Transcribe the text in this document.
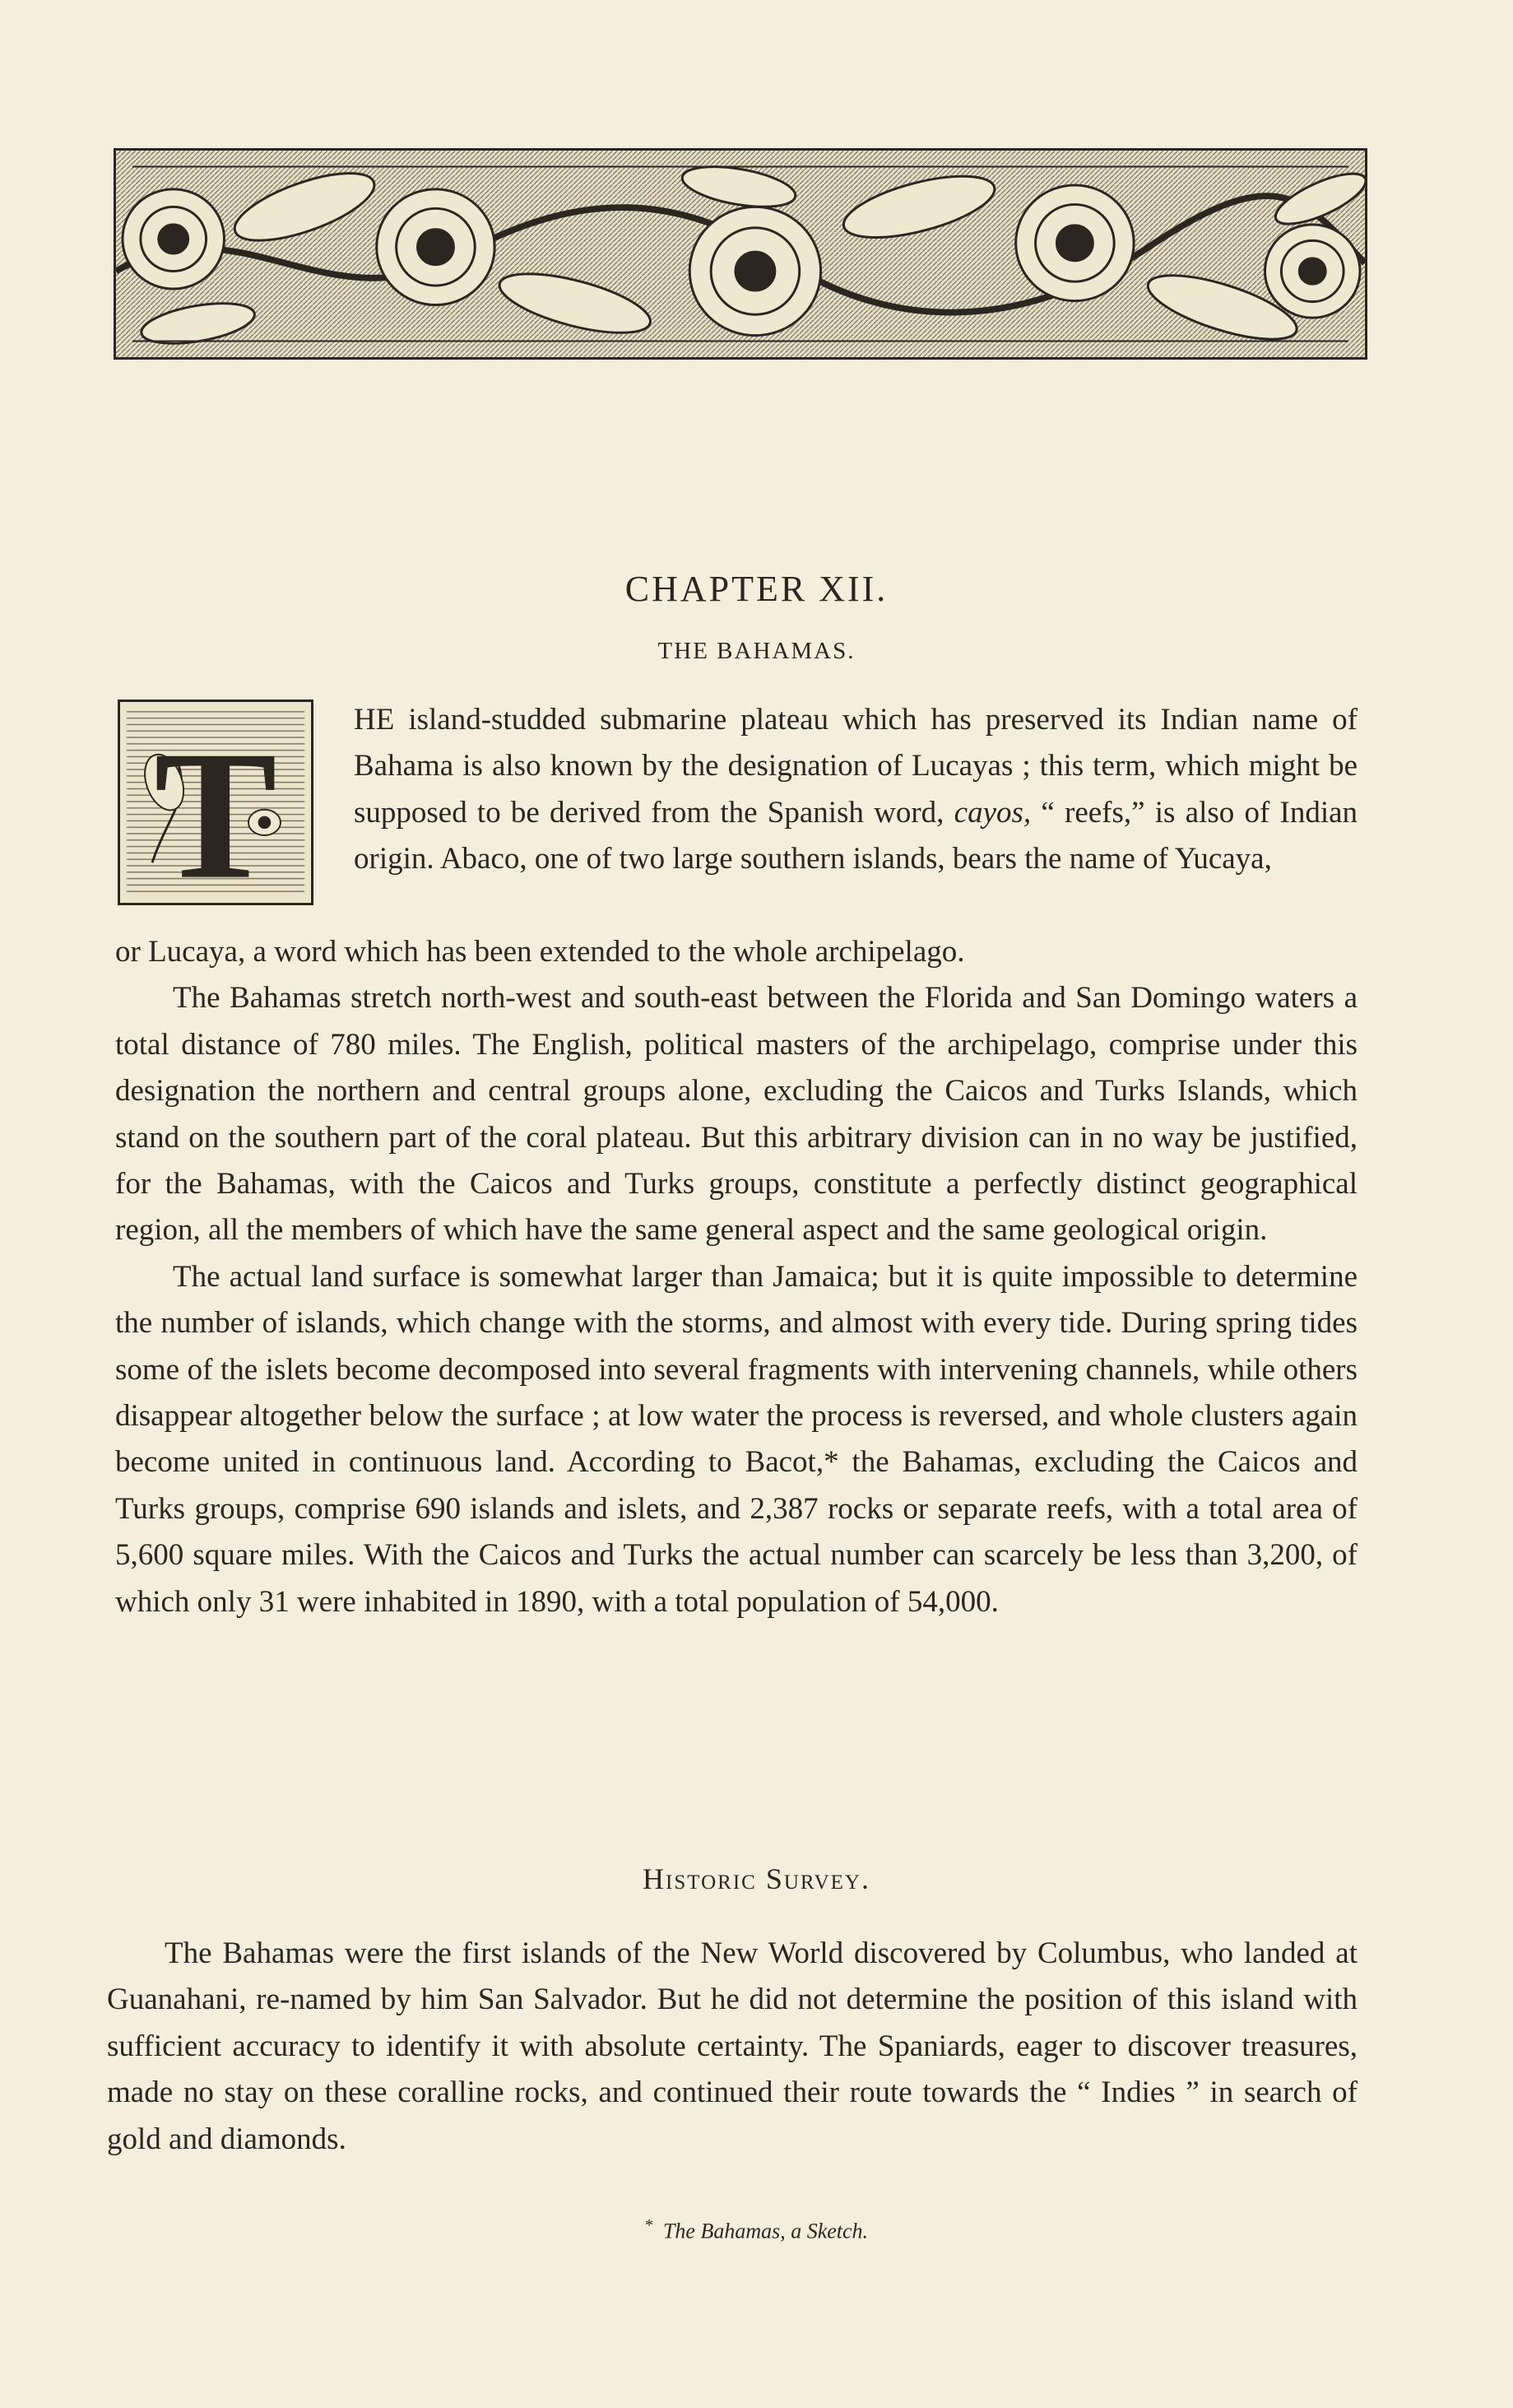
CHAPTER XII.
THE BAHAMAS.
T	HE island-studded submarine plateau which has preserved its Indian name of Bahama is also known by the designation of Lucayas ; this term, which might be supposed to be derived from the Spanish word, cayos, “ reefs,” is also of Indian origin. Abaco, one of two large southern islands, bears the name of Yucaya,

or Lucaya, a word which has been extended to the whole archipelago.

The Bahamas stretch north-west and south-east between the Florida and San Domingo waters a total distance of 780 miles. The English, political masters of the archipelago, comprise under this designation the northern and central groups alone, excluding the Caicos and Turks Islands, which stand on the southern part of the coral plateau. But this arbitrary division can in no way be justified, for the Bahamas, with the Caicos and Turks groups, constitute a perfectly distinct geographical region, all the members of which have the same general aspect and the same geological origin.

The actual land surface is somewhat larger than Jamaica; but it is quite impossible to determine the number of islands, which change with the storms, and almost with every tide. During spring tides some of the islets become decomposed into several fragments with intervening channels, while others disappear altogether below the surface ; at low water the process is reversed, and whole clusters again become united in continuous land. According to Bacot,* the Bahamas, excluding the Caicos and Turks groups, comprise 690 islands and islets, and 2,387 rocks or separate reefs, with a total area of 5,600 square miles. With the Caicos and Turks the actual number can scarcely be less than 3,200, of which only 31 were inhabited in 1890, with a total population of 54,000.

Historic Survey.

The Bahamas were the first islands of the New World discovered by Columbus, who landed at Guanahani, re-named by him San Salvador. But he did not determine the position of this island with sufficient accuracy to identify it with absolute certainty. The Spaniards, eager to discover treasures, made no stay on these coralline rocks, and continued their route towards the “ Indies ” in search of gold and diamonds.

* The Bahamas, a Sketch.
